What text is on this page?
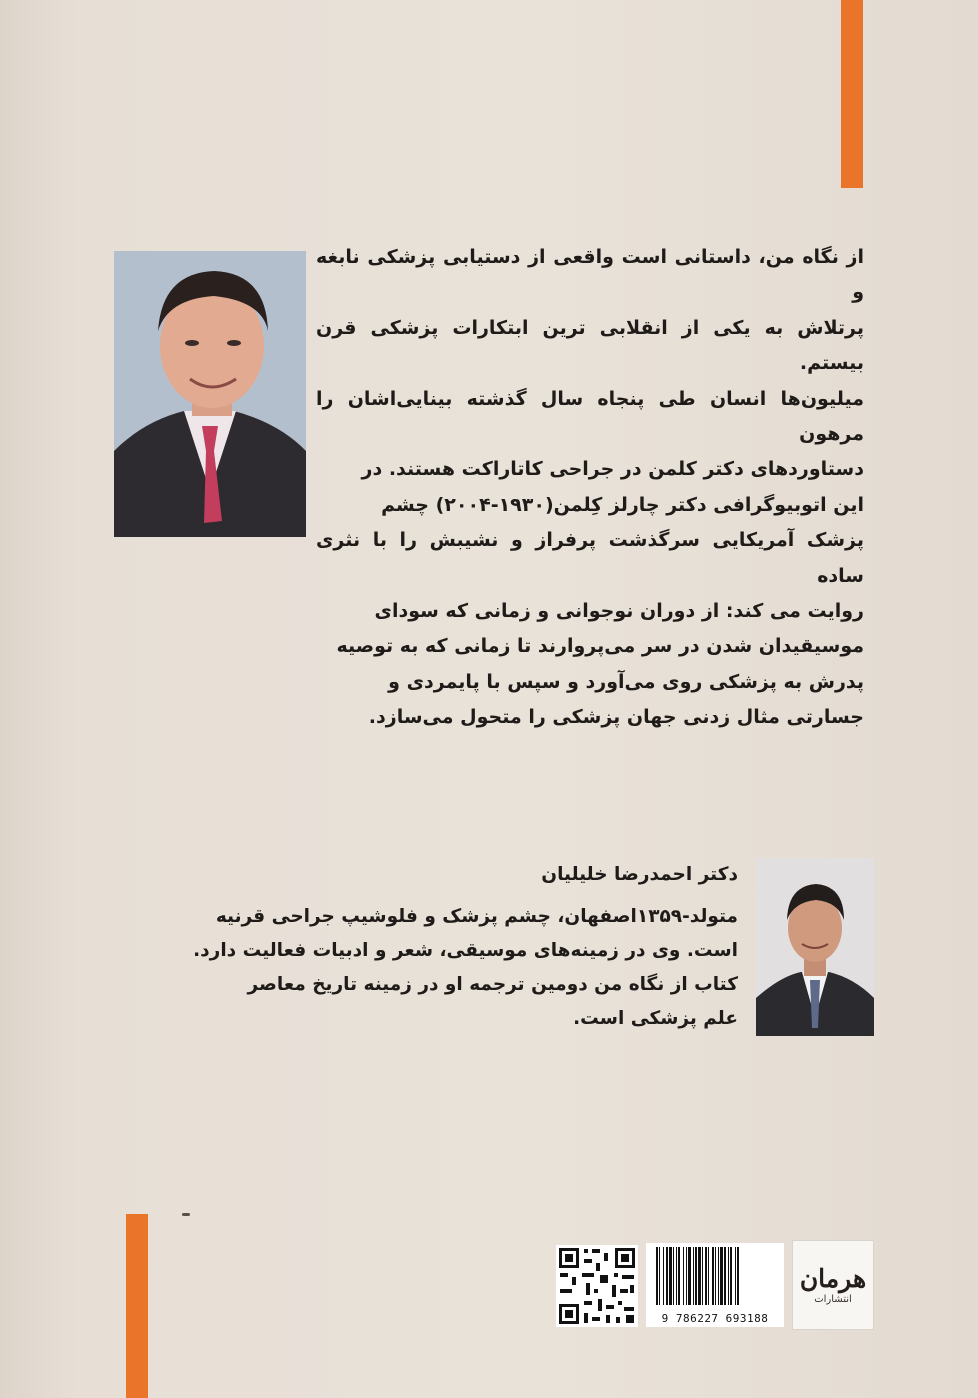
از نگاه من، داستانی است واقعی از دستیابی پزشکی نابغه و
پرتلاش به یکی از انقلابی ترین ابتکارات پزشکی قرن بیستم.
میلیون‌ها انسان طی پنجاه سال گذشته بینایی‌اشان را مرهون
دستاوردهای دکتر کلمن در جراحی کاتاراکت هستند. در
این اتوبیوگرافی دکتر چارلز کِلمن(۱۹۳۰-۲۰۰۴) چشم
پزشک آمریکایی سرگذشت پرفراز و نشیبش را با نثری ساده
روایت می کند: از دوران نوجوانی و زمانی که سودای
موسیقیدان شدن در سر می‌پروارند تا زمانی که به توصیه
پدرش به پزشکی روی می‌آورد و سپس با پایمردی و
جسارتی مثال زدنی جهان پزشکی را متحول می‌سازد.
دکتر احمدرضا خلیلیان
متولد-۱۳۵۹اصفهان، چشم پزشک و فلوشیپ جراحی قرنیه
است. وی در زمینه‌های موسیقی، شعر و ادبیات فعالیت دارد.
کتاب از نگاه من دومین ترجمه او در زمینه تاریخ معاصر
علم پزشکی است.
9 786227 693188
هرمان
انتشارات
